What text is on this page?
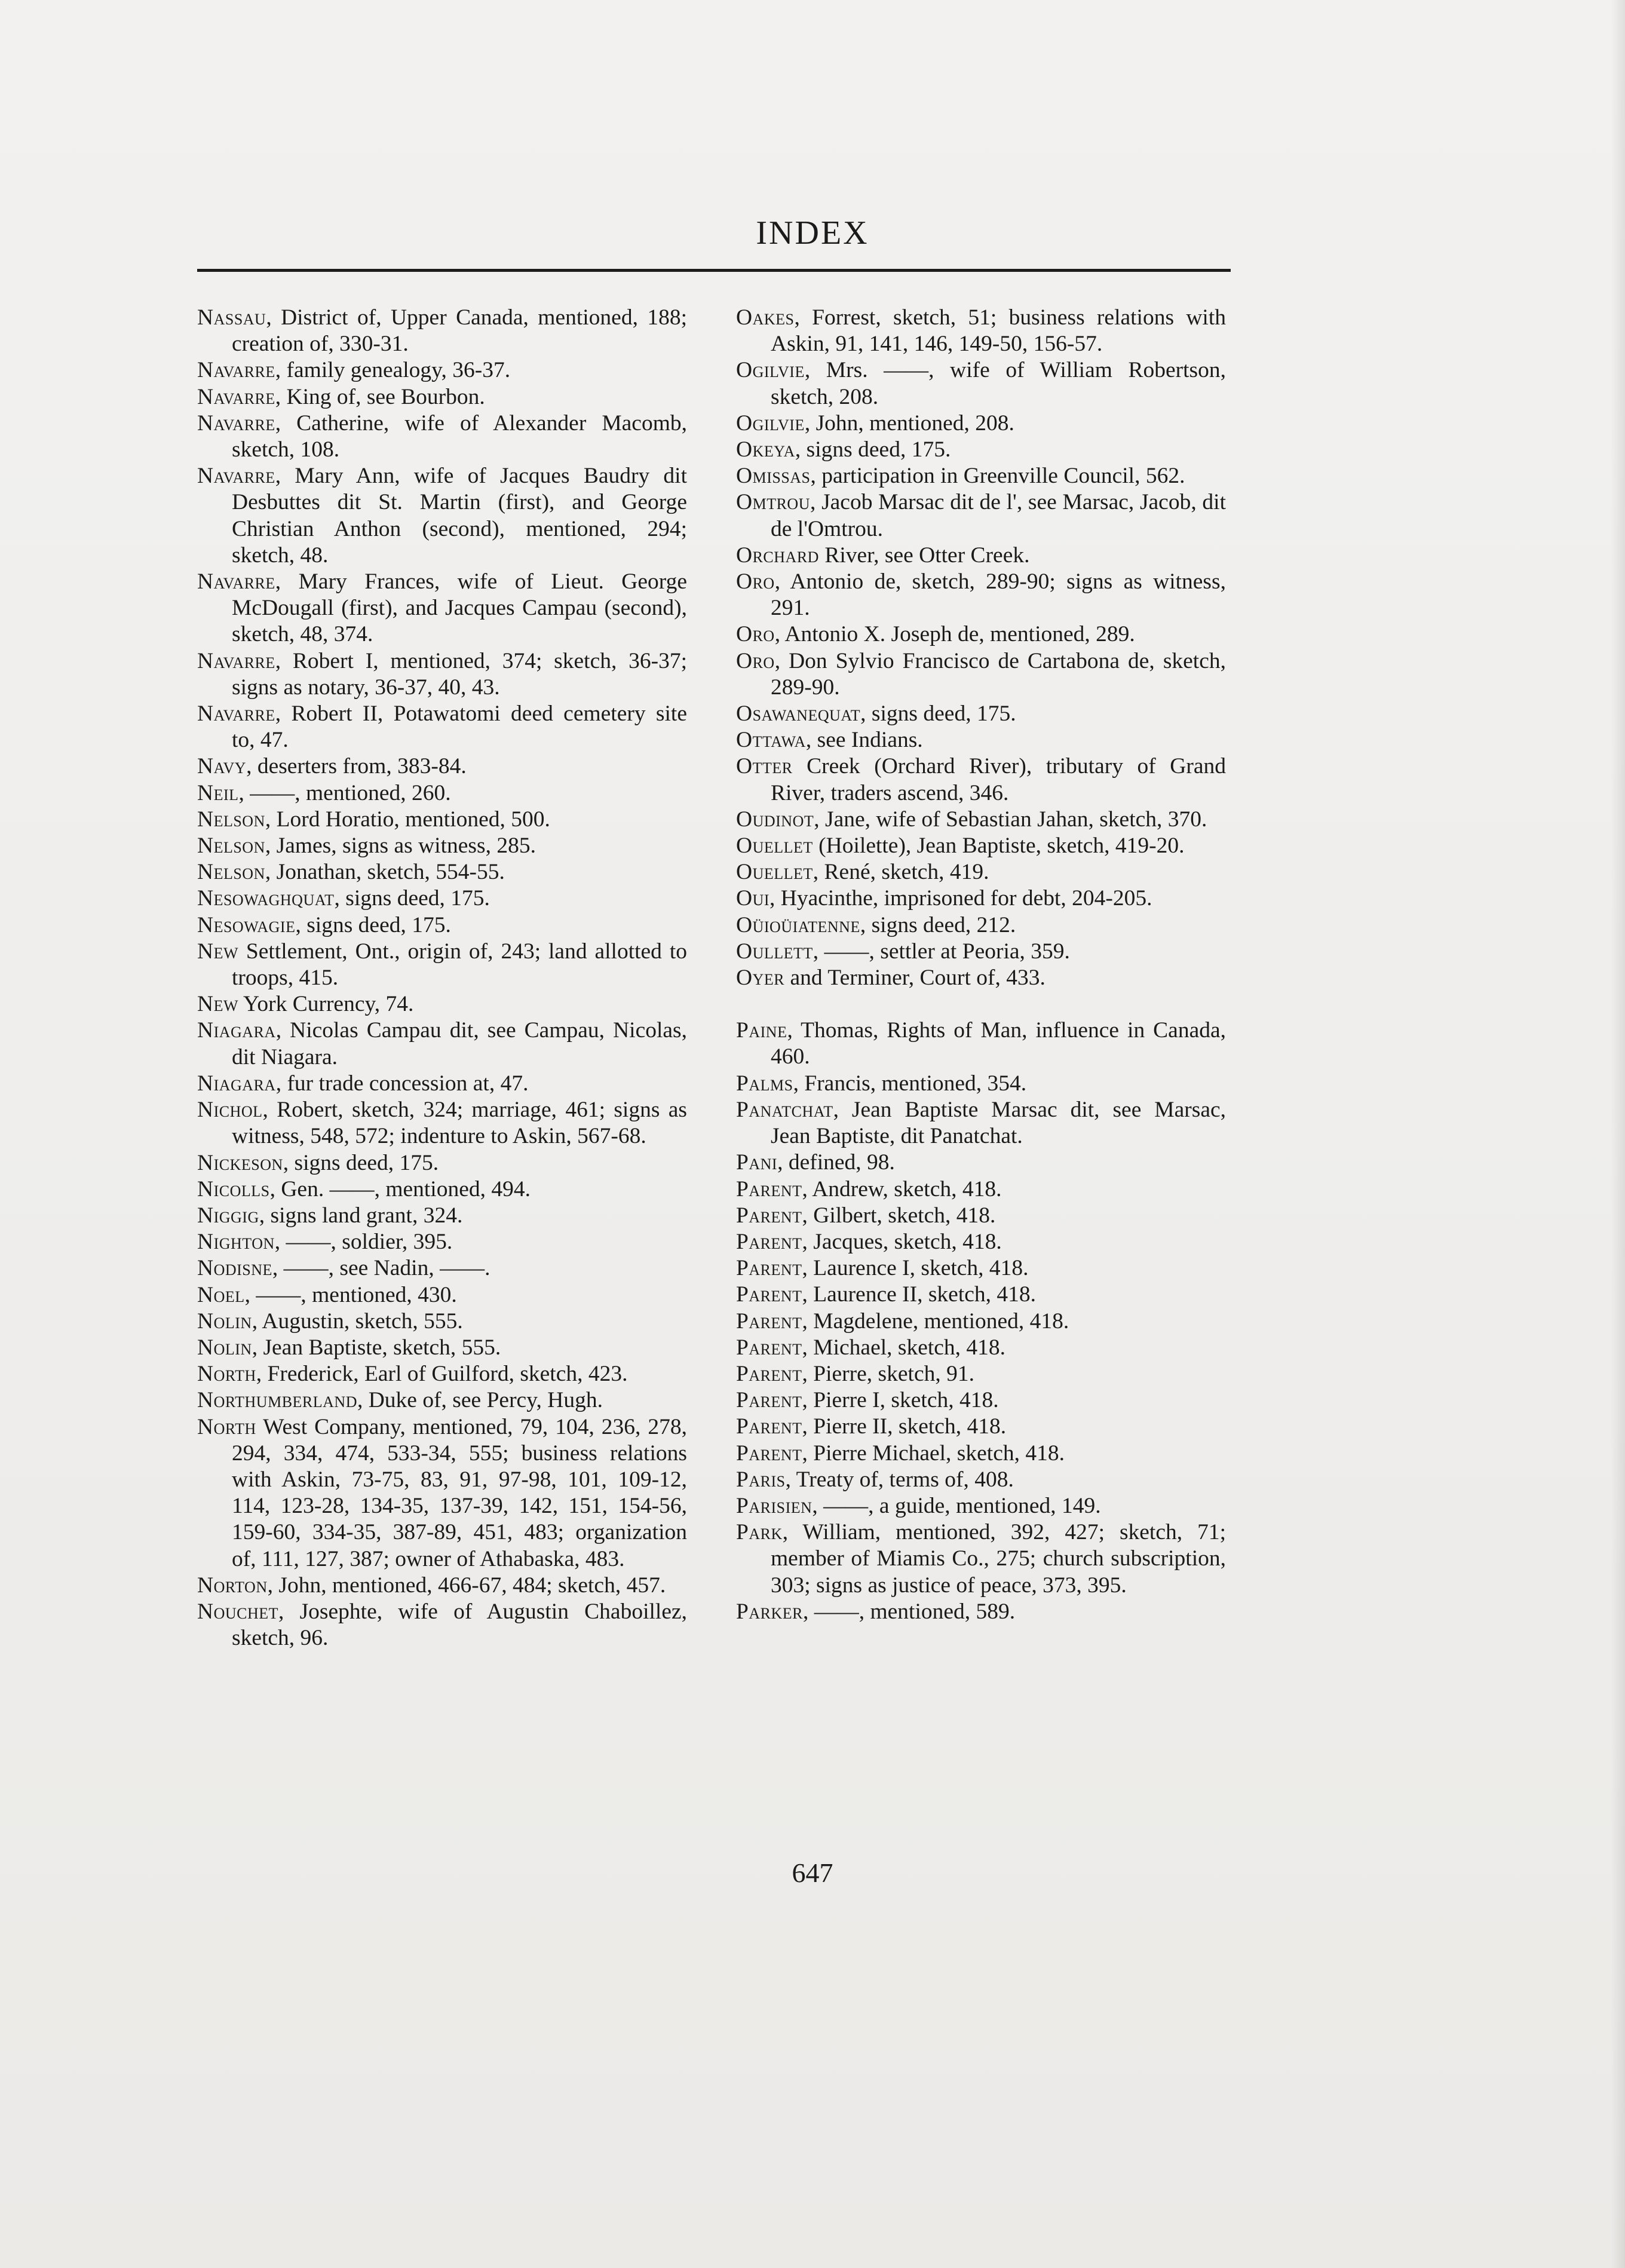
INDEX

Nassau, District of, Upper Canada, mentioned, 188; creation of, 330-31.

Navarre, family genealogy, 36-37.

Navarre, King of, see Bourbon.

Navarre, Catherine, wife of Alexander Macomb, sketch, 108.

Navarre, Mary Ann, wife of Jacques Baudry dit Desbuttes dit St. Martin (first), and George Christian Anthon (second), mentioned, 294; sketch, 48.

Navarre, Mary Frances, wife of Lieut. George McDougall (first), and Jacques Campau (second), sketch, 48, 374.

Navarre, Robert I, mentioned, 374; sketch, 36-37; signs as notary, 36-37, 40, 43.

Navarre, Robert II, Potawatomi deed cemetery site to, 47.

Navy, deserters from, 383-84.

Neil, ——, mentioned, 260.

Nelson, Lord Horatio, mentioned, 500.

Nelson, James, signs as witness, 285.

Nelson, Jonathan, sketch, 554-55.

Nesowaghquat, signs deed, 175.

Nesowagie, signs deed, 175.

New Settlement, Ont., origin of, 243; land allotted to troops, 415.

New York Currency, 74.

Niagara, Nicolas Campau dit, see Campau, Nicolas, dit Niagara.

Niagara, fur trade concession at, 47.

Nichol, Robert, sketch, 324; marriage, 461; signs as witness, 548, 572; indenture to Askin, 567-68.

Nickeson, signs deed, 175.

Nicolls, Gen. ——, mentioned, 494.

Niggig, signs land grant, 324.

Nighton, ——, soldier, 395.

Nodisne, ——, see Nadin, ——.

Noel, ——, mentioned, 430.

Nolin, Augustin, sketch, 555.

Nolin, Jean Baptiste, sketch, 555.

North, Frederick, Earl of Guilford, sketch, 423.

Northumberland, Duke of, see Percy, Hugh.

North West Company, mentioned, 79, 104, 236, 278, 294, 334, 474, 533-34, 555; business relations with Askin, 73-75, 83, 91, 97-98, 101, 109-12, 114, 123-28, 134-35, 137-39, 142, 151, 154-56, 159-60, 334-35, 387-89, 451, 483; organization of, 111, 127, 387; owner of Athabaska, 483.

Norton, John, mentioned, 466-67, 484; sketch, 457.

Nouchet, Josephte, wife of Augustin Chaboillez, sketch, 96.

Oakes, Forrest, sketch, 51; business relations with Askin, 91, 141, 146, 149-50, 156-57.

Ogilvie, Mrs. ——, wife of William Robertson, sketch, 208.

Ogilvie, John, mentioned, 208.

Okeya, signs deed, 175.

Omissas, participation in Greenville Council, 562.

Omtrou, Jacob Marsac dit de l', see Marsac, Jacob, dit de l'Omtrou.

Orchard River, see Otter Creek.

Oro, Antonio de, sketch, 289-90; signs as witness, 291.

Oro, Antonio X. Joseph de, mentioned, 289.

Oro, Don Sylvio Francisco de Cartabona de, sketch, 289-90.

Osawanequat, signs deed, 175.

Ottawa, see Indians.

Otter Creek (Orchard River), tributary of Grand River, traders ascend, 346.

Oudinot, Jane, wife of Sebastian Jahan, sketch, 370.

Ouellet (Hoilette), Jean Baptiste, sketch, 419-20.

Ouellet, René, sketch, 419.

Oui, Hyacinthe, imprisoned for debt, 204-205.

Oüioüiatenne, signs deed, 212.

Oullett, ——, settler at Peoria, 359.

Oyer and Terminer, Court of, 433.

Paine, Thomas, Rights of Man, influence in Canada, 460.

Palms, Francis, mentioned, 354.

Panatchat, Jean Baptiste Marsac dit, see Marsac, Jean Baptiste, dit Panatchat.

Pani, defined, 98.

Parent, Andrew, sketch, 418.

Parent, Gilbert, sketch, 418.

Parent, Jacques, sketch, 418.

Parent, Laurence I, sketch, 418.

Parent, Laurence II, sketch, 418.

Parent, Magdelene, mentioned, 418.

Parent, Michael, sketch, 418.

Parent, Pierre, sketch, 91.

Parent, Pierre I, sketch, 418.

Parent, Pierre II, sketch, 418.

Parent, Pierre Michael, sketch, 418.

Paris, Treaty of, terms of, 408.

Parisien, ——, a guide, mentioned, 149.

Park, William, mentioned, 392, 427; sketch, 71; member of Miamis Co., 275; church subscription, 303; signs as justice of peace, 373, 395.

Parker, ——, mentioned, 589.

647
